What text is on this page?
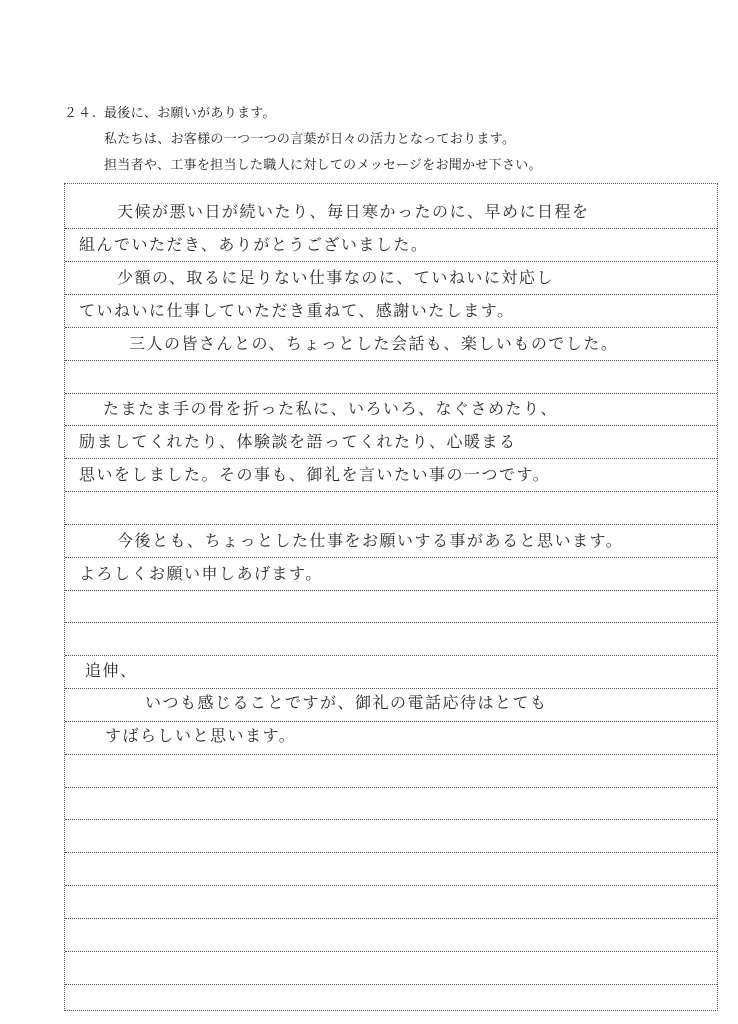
２４. 最後に、お願いがあります。
私たちは、お客様の一つ一つの言葉が日々の活力となっております。
担当者や、工事を担当した職人に対してのメッセージをお聞かせ下さい。
天候が悪い日が続いたり、毎日寒かったのに、早めに日程を
組んでいただき、ありがとうございました。
少額の、取るに足りない仕事なのに、ていねいに対応し
ていねいに仕事していただき重ねて、感謝いたします。
三人の皆さんとの、ちょっとした会話も、楽しいものでした。
たまたま手の骨を折った私に、いろいろ、なぐさめたり、
励ましてくれたり、体験談を語ってくれたり、心暖まる
思いをしました。その事も、御礼を言いたい事の一つです。
今後とも、ちょっとした仕事をお願いする事があると思います。
よろしくお願い申しあげます。
追伸、
いつも感じることですが、御礼の電話応待はとても
すばらしいと思います。
